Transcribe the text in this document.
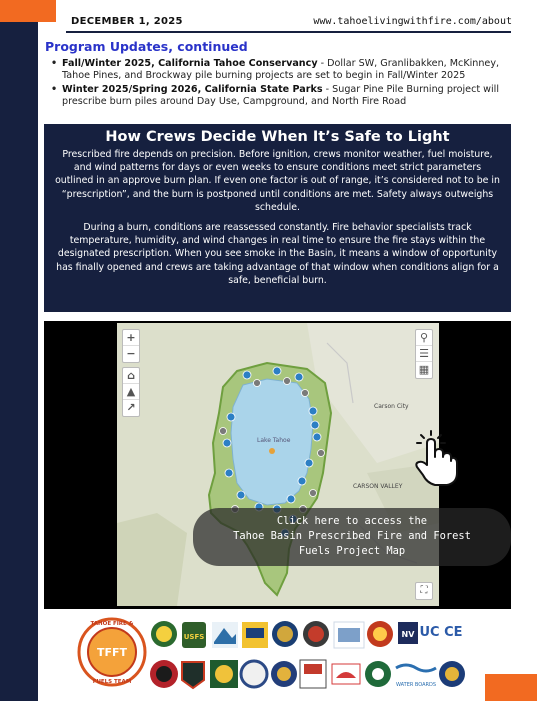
DECEMBER 1, 2025	www.tahoelivingwithfire.com/about
Program Updates, continued
• Fall/Winter 2025, California Tahoe Conservancy - Dollar SW, Granlibakken, McKinney, Tahoe Pines, and Brockway pile burning projects are set to begin in Fall/Winter 2025
• Winter 2025/Spring 2026, California State Parks - Sugar Pine Pile Burning project will prescribe burn piles around Day Use, Campground, and North Fire Road
How Crews Decide When It’s Safe to Light

Prescribed fire depends on precision. Before ignition, crews monitor weather, fuel moisture, and wind patterns for days or even weeks to ensure conditions meet strict parameters outlined in an approve burn plan. If even one factor is out of range, it’s considered not to be in “prescription”, and the burn is postponed until conditions are met. Safety always outweighs schedule.

During a burn, conditions are reassessed constantly. Fire behavior specialists track temperature, humidity, and wind changes in real time to ensure the fire stays within the designated prescription. When you see smoke in the Basin, it means a window of opportunity has finally opened and crews are taking advantage of that window when conditions align for a safe, beneficial burn.

+
−
⌂
▲
↗
⚲
☰
▦
⛶
Carson City
Lake Tahoe
CARSON VALLEY
Click here to access the
Tahoe Basin Prescribed Fire and Forest
Fuels Project Map
TFFT
TAHOE FIRE &
FUELS TEAM
USFS	NV UC CE
WATER BOARDS
